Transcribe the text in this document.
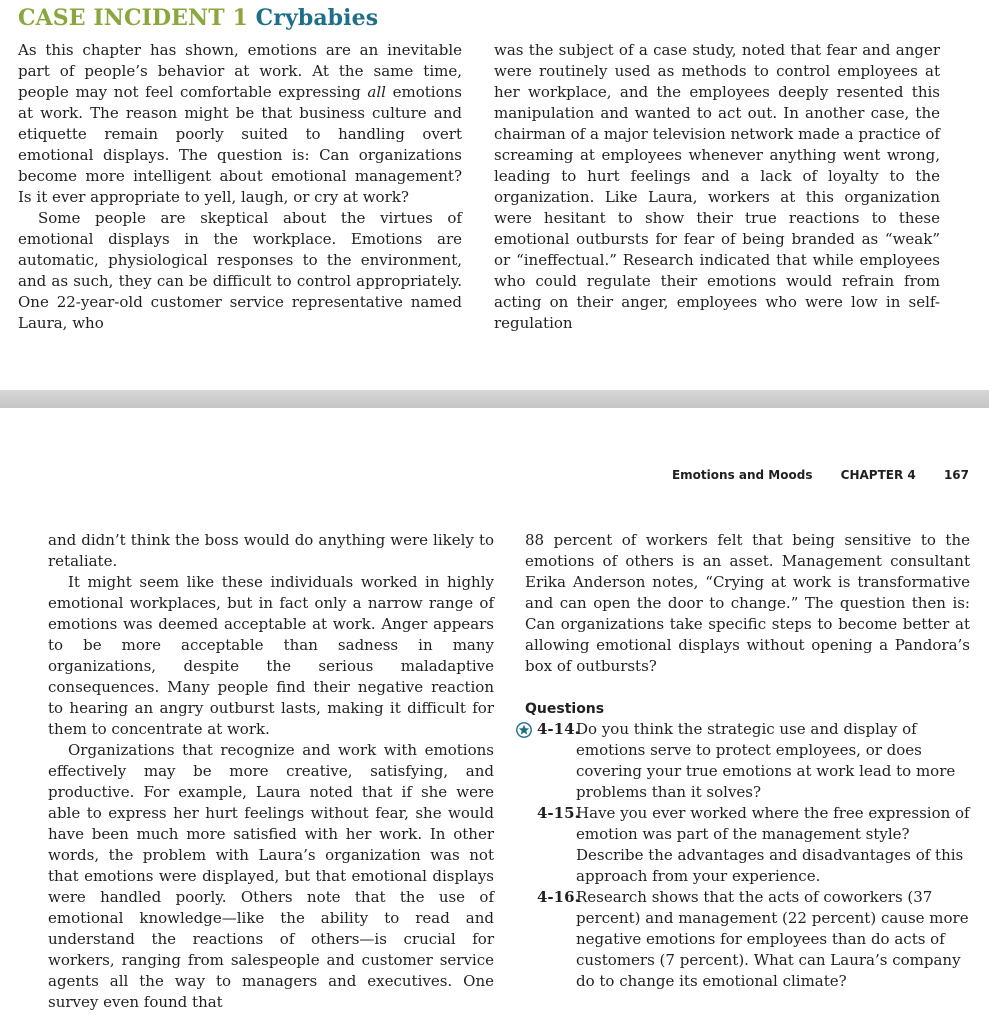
CASE INCIDENT 1 Crybabies

As this chapter has shown, emotions are an inevitable part of people’s behavior at work. At the same time, people may not feel comfortable expressing all emotions at work. The reason might be that business culture and etiquette remain poorly suited to handling overt emotional displays. The question is: Can organizations become more intelligent about emotional management? Is it ever appropriate to yell, laugh, or cry at work?

Some people are skeptical about the virtues of emotional displays in the workplace. Emotions are automatic, physiological responses to the environment, and as such, they can be difficult to control appropriately. One 22-year-old customer service representative named Laura, who

was the subject of a case study, noted that fear and anger were routinely used as methods to control employees at her workplace, and the employees deeply resented this manipulation and wanted to act out. In another case, the chairman of a major television network made a practice of screaming at employees whenever anything went wrong, leading to hurt feelings and a lack of loyalty to the organization. Like Laura, workers at this organization were hesitant to show their true reactions to these emotional outbursts for fear of being branded as “weak” or “ineffectual.” Research indicated that while employees who could regulate their emotions would refrain from acting on their anger, employees who were low in self-regulation

Emotions and Moods CHAPTER 4 167

and didn’t think the boss would do anything were likely to retaliate.

It might seem like these individuals worked in highly emotional workplaces, but in fact only a narrow range of emotions was deemed acceptable at work. Anger appears to be more acceptable than sadness in many organizations, despite the serious maladaptive consequences. Many people find their negative reaction to hearing an angry outburst lasts, making it difficult for them to concentrate at work.

Organizations that recognize and work with emotions effectively may be more creative, satisfying, and productive. For example, Laura noted that if she were able to express her hurt feelings without fear, she would have been much more satisfied with her work. In other words, the problem with Laura’s organization was not that emotions were displayed, but that emotional displays were handled poorly. Others note that the use of emotional knowledge—like the ability to read and understand the reactions of others—is crucial for workers, ranging from salespeople and customer service agents all the way to managers and executives. One survey even found that

88 percent of workers felt that being sensitive to the emotions of others is an asset. Management consultant Erika Anderson notes, “Crying at work is transformative and can open the door to change.” The question then is: Can organizations take specific steps to become better at allowing emotional displays without opening a Pandora’s box of outbursts?

Questions
4-14.
Do you think the strategic use and display of emotions serve to protect employees, or does covering your true emotions at work lead to more problems than it solves?
4-15.
Have you ever worked where the free expression of emotion was part of the management style? Describe the advantages and disadvantages of this approach from your experience.
4-16.
Research shows that the acts of coworkers (37 percent) and management (22 percent) cause more negative emotions for employees than do acts of customers (7 percent). What can Laura’s company do to change its emotional climate?
